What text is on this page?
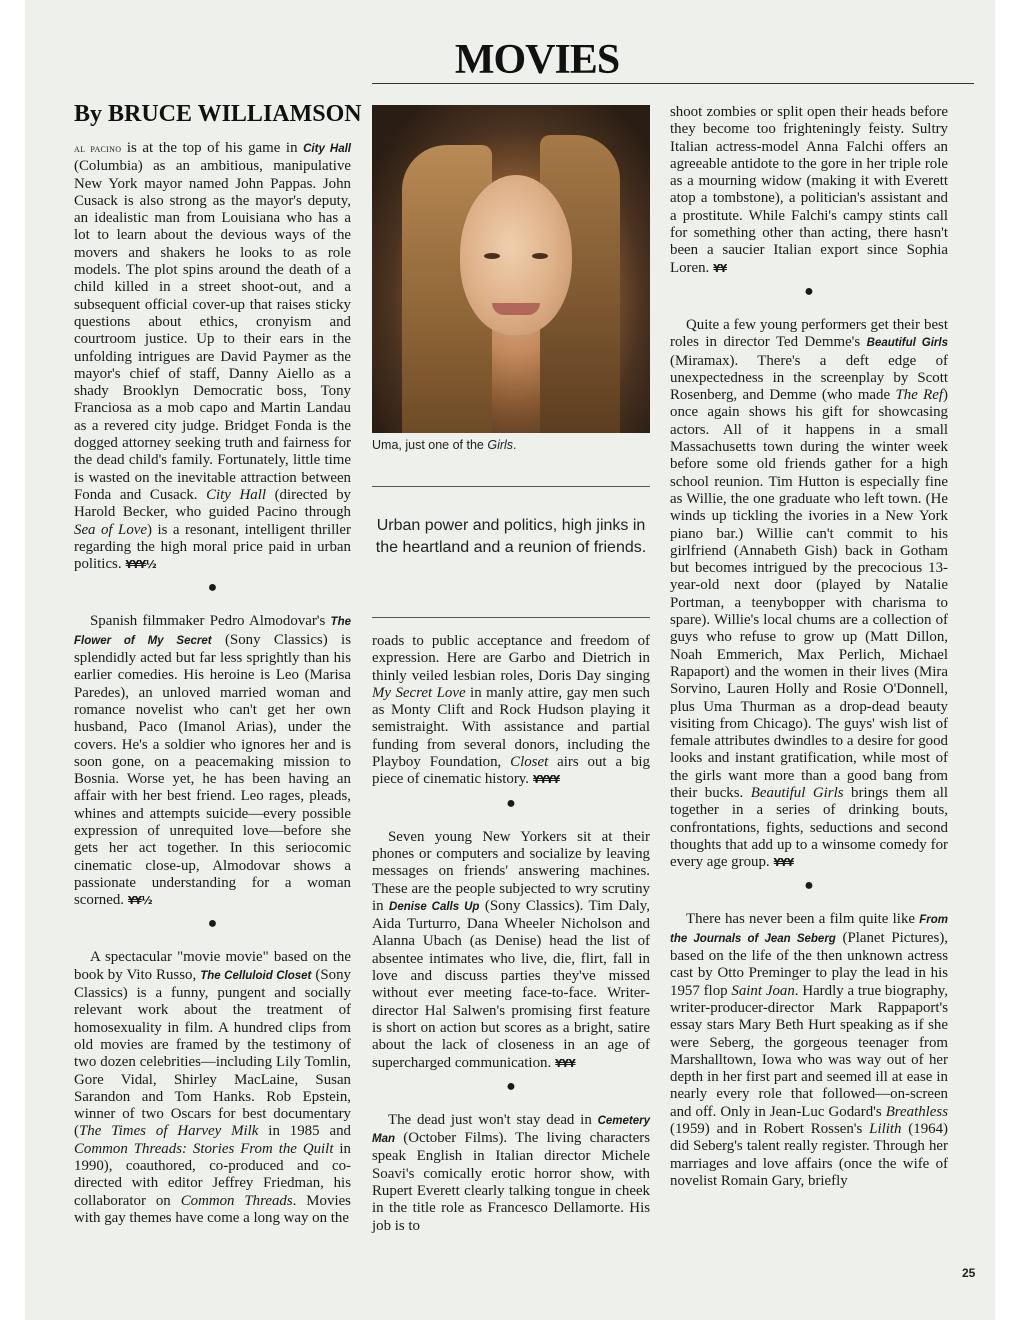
MOVIES
By BRUCE WILLIAMSON

al pacino is at the top of his game in City Hall (Columbia) as an ambitious, manipulative New York mayor named John Pappas. John Cusack is also strong as the mayor's deputy, an idealistic man from Louisiana who has a lot to learn about the devious ways of the movers and shakers he looks to as role models. The plot spins around the death of a child killed in a street shoot-out, and a subsequent official cover-up that raises sticky questions about ethics, cronyism and courtroom justice. Up to their ears in the unfolding intrigues are David Paymer as the mayor's chief of staff, Danny Aiello as a shady Brooklyn Democratic boss, Tony Franciosa as a mob capo and Martin Landau as a revered city judge. Bridget Fonda is the dogged attorney seeking truth and fairness for the dead child's family. Fortunately, little time is wasted on the inevitable attraction between Fonda and Cusack. City Hall (directed by Harold Becker, who guided Pacino through Sea of Love) is a resonant, intelligent thriller regarding the high moral price paid in urban politics. ¥¥¥½

●

Spanish filmmaker Pedro Almodovar's The Flower of My Secret (Sony Classics) is splendidly acted but far less sprightly than his earlier comedies. His heroine is Leo (Marisa Paredes), an unloved married woman and romance novelist who can't get her own husband, Paco (Imanol Arias), under the covers. He's a soldier who ignores her and is soon gone, on a peacemaking mission to Bosnia. Worse yet, he has been having an affair with her best friend. Leo rages, pleads, whines and attempts suicide—every possible expression of unrequited love—before she gets her act together. In this seriocomic cinematic close-up, Almodovar shows a passionate understanding for a woman scorned. ¥¥½

●

A spectacular "movie movie" based on the book by Vito Russo, The Celluloid Closet (Sony Classics) is a funny, pungent and socially relevant work about the treatment of homosexuality in film. A hundred clips from old movies are framed by the testimony of two dozen celebrities—including Lily Tomlin, Gore Vidal, Shirley MacLaine, Susan Sarandon and Tom Hanks. Rob Epstein, winner of two Oscars for best documentary (The Times of Harvey Milk in 1985 and Common Threads: Stories From the Quilt in 1990), coauthored, co-produced and co-directed with editor Jeffrey Friedman, his collaborator on Common Threads. Movies with gay themes have come a long way on the

Uma, just one of the Girls.
Urban power and politics, high jinks in the heartland and a reunion of friends.

roads to public acceptance and freedom of expression. Here are Garbo and Dietrich in thinly veiled lesbian roles, Doris Day singing My Secret Love in manly attire, gay men such as Monty Clift and Rock Hudson playing it semistraight. With assistance and partial funding from several donors, including the Playboy Foundation, Closet airs out a big piece of cinematic history. ¥¥¥¥

●

Seven young New Yorkers sit at their phones or computers and socialize by leaving messages on friends' answering machines. These are the people subjected to wry scrutiny in Denise Calls Up (Sony Classics). Tim Daly, Aida Turturro, Dana Wheeler Nicholson and Alanna Ubach (as Denise) head the list of absentee intimates who live, die, flirt, fall in love and discuss parties they've missed without ever meeting face-to-face. Writer-director Hal Salwen's promising first feature is short on action but scores as a bright, satire about the lack of closeness in an age of supercharged communication. ¥¥¥

●

The dead just won't stay dead in Cemetery Man (October Films). The living characters speak English in Italian director Michele Soavi's comically erotic horror show, with Rupert Everett clearly talking tongue in cheek in the title role as Francesco Dellamorte. His job is to

shoot zombies or split open their heads before they become too frighteningly feisty. Sultry Italian actress-model Anna Falchi offers an agreeable antidote to the gore in her triple role as a mourning widow (making it with Everett atop a tombstone), a politician's assistant and a prostitute. While Falchi's campy stints call for something other than acting, there hasn't been a saucier Italian export since Sophia Loren. ¥¥

●

Quite a few young performers get their best roles in director Ted Demme's Beautiful Girls (Miramax). There's a deft edge of unexpectedness in the screenplay by Scott Rosenberg, and Demme (who made The Ref) once again shows his gift for showcasing actors. All of it happens in a small Massachusetts town during the winter week before some old friends gather for a high school reunion. Tim Hutton is especially fine as Willie, the one graduate who left town. (He winds up tickling the ivories in a New York piano bar.) Willie can't commit to his girlfriend (Annabeth Gish) back in Gotham but becomes intrigued by the precocious 13-year-old next door (played by Natalie Portman, a teenybopper with charisma to spare). Willie's local chums are a collection of guys who refuse to grow up (Matt Dillon, Noah Emmerich, Max Perlich, Michael Rapaport) and the women in their lives (Mira Sorvino, Lauren Holly and Rosie O'Donnell, plus Uma Thurman as a drop-dead beauty visiting from Chicago). The guys' wish list of female attributes dwindles to a desire for good looks and instant gratification, while most of the girls want more than a good bang from their bucks. Beautiful Girls brings them all together in a series of drinking bouts, confrontations, fights, seductions and second thoughts that add up to a winsome comedy for every age group. ¥¥¥

●

There has never been a film quite like From the Journals of Jean Seberg (Planet Pictures), based on the life of the then unknown actress cast by Otto Preminger to play the lead in his 1957 flop Saint Joan. Hardly a true biography, writer-producer-director Mark Rappaport's essay stars Mary Beth Hurt speaking as if she were Seberg, the gorgeous teenager from Marshalltown, Iowa who was way out of her depth in her first part and seemed ill at ease in nearly every role that followed—on-screen and off. Only in Jean-Luc Godard's Breathless (1959) and in Robert Rossen's Lilith (1964) did Seberg's talent really register. Through her marriages and love affairs (once the wife of novelist Romain Gary, briefly

25
